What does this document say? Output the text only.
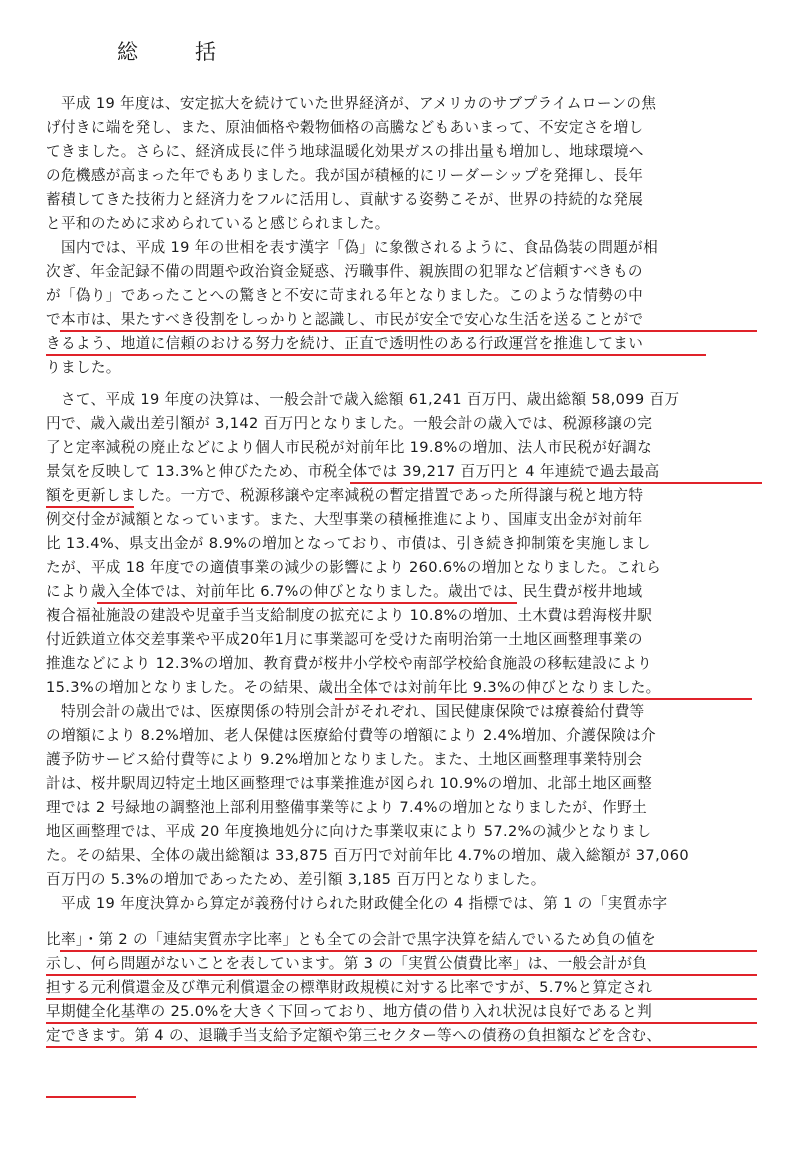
総　括
　平成 19 年度は、安定拡大を続けていた世界経済が、アメリカのサブプライムローンの焦
げ付きに端を発し、また、原油価格や穀物価格の高騰などもあいまって、不安定さを増し
てきました。さらに、経済成長に伴う地球温暖化効果ガスの排出量も増加し、地球環境へ
の危機感が高まった年でもありました。我が国が積極的にリーダーシップを発揮し、長年
蓄積してきた技術力と経済力をフルに活用し、貢献する姿勢こそが、世界の持続的な発展
と平和のために求められていると感じられました。
　国内では、平成 19 年の世相を表す漢字「偽」に象徴されるように、食品偽装の問題が相
次ぎ、年金記録不備の問題や政治資金疑惑、汚職事件、親族間の犯罪など信頼すべきもの
が「偽り」であったことへの驚きと不安に苛まれる年となりました。このような情勢の中
で本市は、果たすべき役割をしっかりと認識し、市民が安全で安心な生活を送ることがで
きるよう、地道に信頼のおける努力を続け、正直で透明性のある行政運営を推進してまい
りました。
　さて、平成 19 年度の決算は、一般会計で歳入総額 61,241 百万円、歳出総額 58,099 百万
円で、歳入歳出差引額が 3,142 百万円となりました。一般会計の歳入では、税源移譲の完
了と定率減税の廃止などにより個人市民税が対前年比 19.8%の増加、法人市民税が好調な
景気を反映して 13.3%と伸びたため、市税全体では 39,217 百万円と 4 年連続で過去最高
額を更新しました。一方で、税源移譲や定率減税の暫定措置であった所得譲与税と地方特
例交付金が減額となっています。また、大型事業の積極推進により、国庫支出金が対前年
比 13.4%、県支出金が 8.9%の増加となっており、市債は、引き続き抑制策を実施しまし
たが、平成 18 年度での適債事業の減少の影響により 260.6%の増加となりました。これら
により歳入全体では、対前年比 6.7%の伸びとなりました。歳出では、民生費が桜井地域
複合福祉施設の建設や児童手当支給制度の拡充により 10.8%の増加、土木費は碧海桜井駅
付近鉄道立体交差事業や平成20年1月に事業認可を受けた南明治第一土地区画整理事業の
推進などにより 12.3%の増加、教育費が桜井小学校や南部学校給食施設の移転建設により
15.3%の増加となりました。その結果、歳出全体では対前年比 9.3%の伸びとなりました。
　特別会計の歳出では、医療関係の特別会計がそれぞれ、国民健康保険では療養給付費等
の増額により 8.2%増加、老人保健は医療給付費等の増額により 2.4%増加、介護保険は介
護予防サービス給付費等により 9.2%増加となりました。また、土地区画整理事業特別会
計は、桜井駅周辺特定土地区画整理では事業推進が図られ 10.9%の増加、北部土地区画整
理では 2 号緑地の調整池上部利用整備事業等により 7.4%の増加となりましたが、作野土
地区画整理では、平成 20 年度換地処分に向けた事業収束により 57.2%の減少となりまし
た。その結果、全体の歳出総額は 33,875 百万円で対前年比 4.7%の増加、歳入総額が 37,060
百万円の 5.3%の増加であったため、差引額 3,185 百万円となりました。
　平成 19 年度決算から算定が義務付けられた財政健全化の 4 指標では、第 1 の「実質赤字
比率」・第 2 の「連結実質赤字比率」とも全ての会計で黒字決算を結んでいるため負の値を
示し、何ら問題がないことを表しています。第 3 の「実質公債費比率」は、一般会計が負
担する元利償還金及び準元利償還金の標準財政規模に対する比率ですが、5.7%と算定され
早期健全化基準の 25.0%を大きく下回っており、地方債の借り入れ状況は良好であると判
定できます。第 4 の、退職手当支給予定額や第三セクター等への債務の負担額などを含む、
